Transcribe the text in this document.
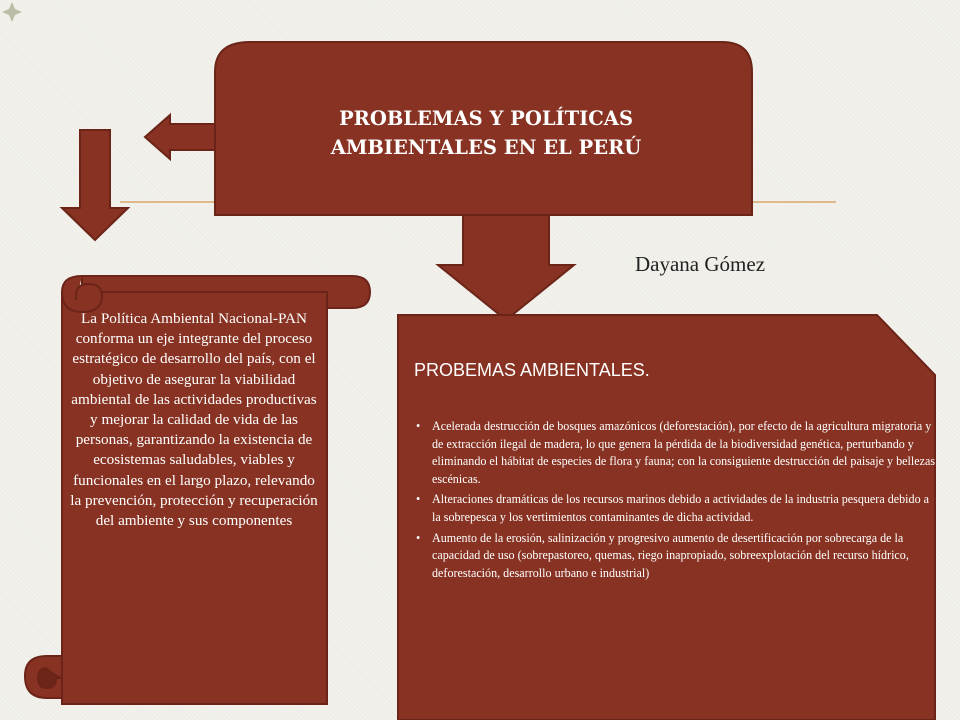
PROBLEMAS Y POLÍTICAS
AMBIENTALES EN EL PERÚ
Dayana Gómez
La Política Ambiental Nacional-PAN conforma un eje integrante del proceso estratégico de desarrollo del país, con el objetivo de asegurar la viabilidad ambiental de las actividades productivas y mejorar la calidad de vida de las personas, garantizando la existencia de ecosistemas saludables, viables y funcionales en el largo plazo, relevando la prevención, protección y recuperación del ambiente y sus componentes
PROBEMAS AMBIENTALES.
• Acelerada destrucción de bosques amazónicos (deforestación), por efecto de la agricultura migratoria y de extracción ilegal de madera, lo que genera la pérdida de la biodiversidad genética, perturbando y eliminando el hábitat de especies de flora y fauna; con la consiguiente destrucción del paisaje y bellezas escénicas.
• Alteraciones dramáticas de los recursos marinos debido a actividades de la industria pesquera debido a la sobrepesca y los vertimientos contaminantes de dicha actividad.
• Aumento de la erosión, salinización y progresivo aumento de desertificación por sobrecarga de la capacidad de uso (sobrepastoreo, quemas, riego inapropiado, sobreexplotación del recurso hídrico, deforestación, desarrollo urbano e industrial)
